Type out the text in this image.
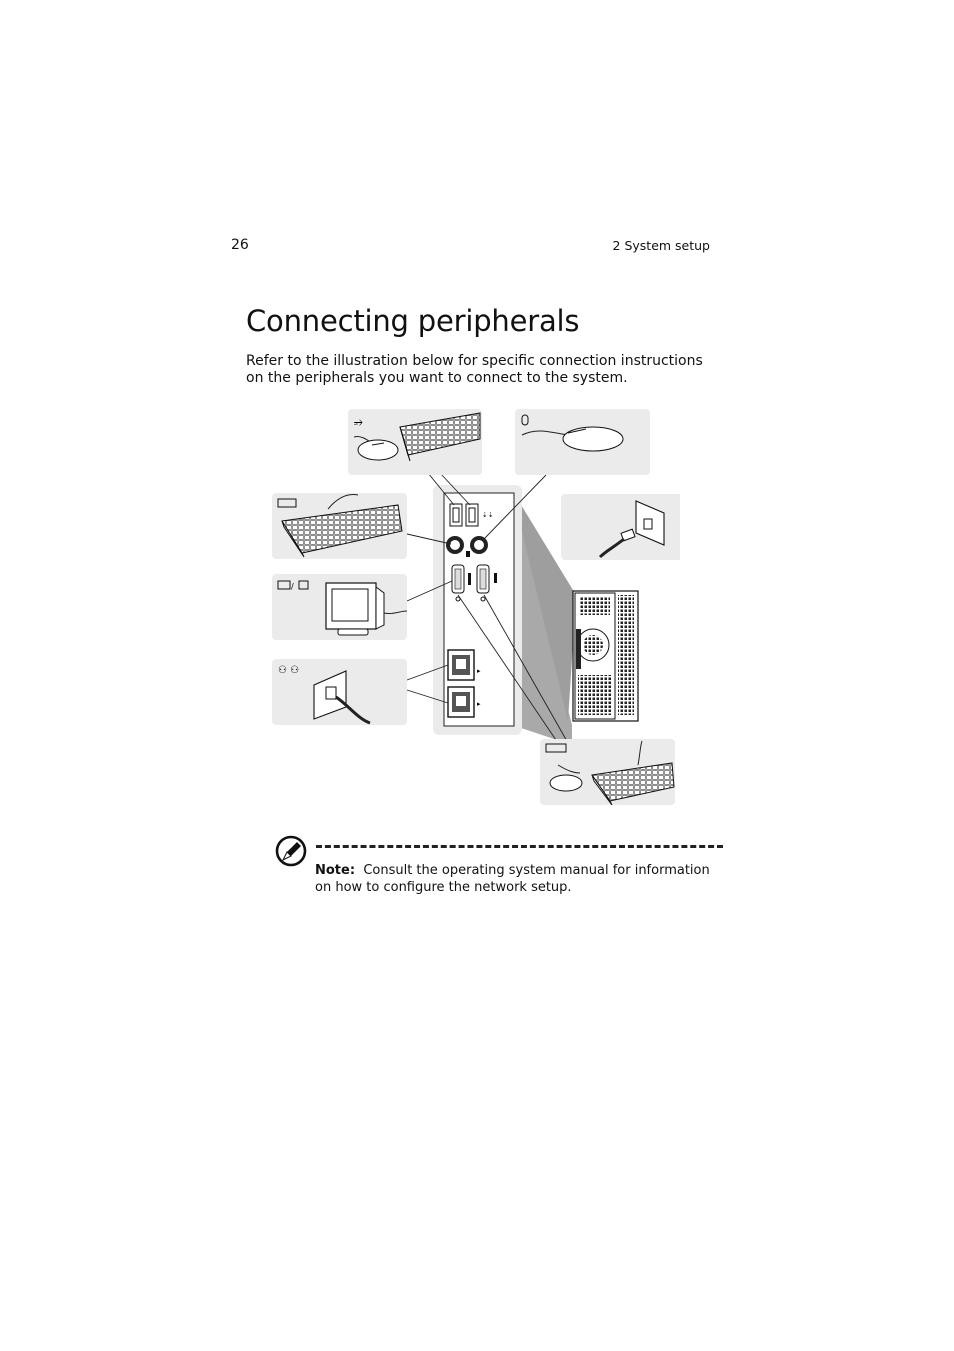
26	2 System setup
Connecting peripherals

Refer to the illustration below for specific connection instructions on the peripherals you want to connect to the system.

⇣⇣
▸
▸
⭌
/
⚇ ⚇

Note: Consult the operating system manual for information on how to configure the network setup.
